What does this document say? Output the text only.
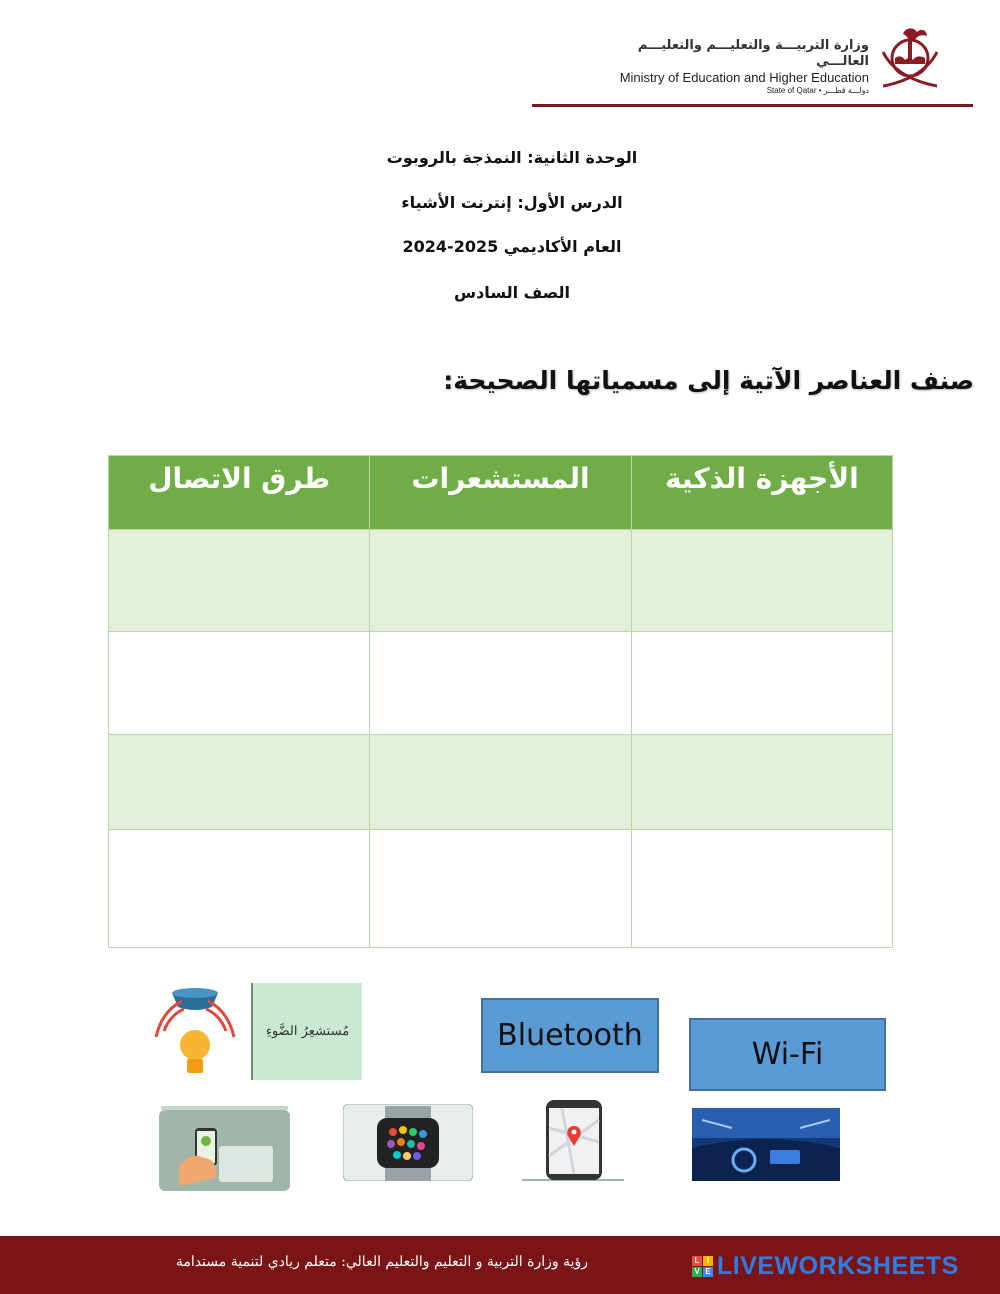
وزارة التربيـــة والتعليـــم والتعليـــم العالـــي
Ministry of Education and Higher Education
State of Qatar • دولـــة قطـــر
الوحدة الثانية: النمذجة بالروبوت
الدرس الأول: إنترنت الأشياء
العام الأكاديمي 2025-2024
الصف السادس
صنف العناصر الآتية إلى مسمياتها الصحيحة:
الأجهزة الذكية	المستشعرات	طرق الاتصال

مُستشعِرُ الضَّوءِ	Bluetooth
Wi-Fi
رؤية وزارة التربية و التعليم والتعليم العالي: متعلم ريادي لتنمية مستدامة	L I
V E LIVEWORKSHEETS
